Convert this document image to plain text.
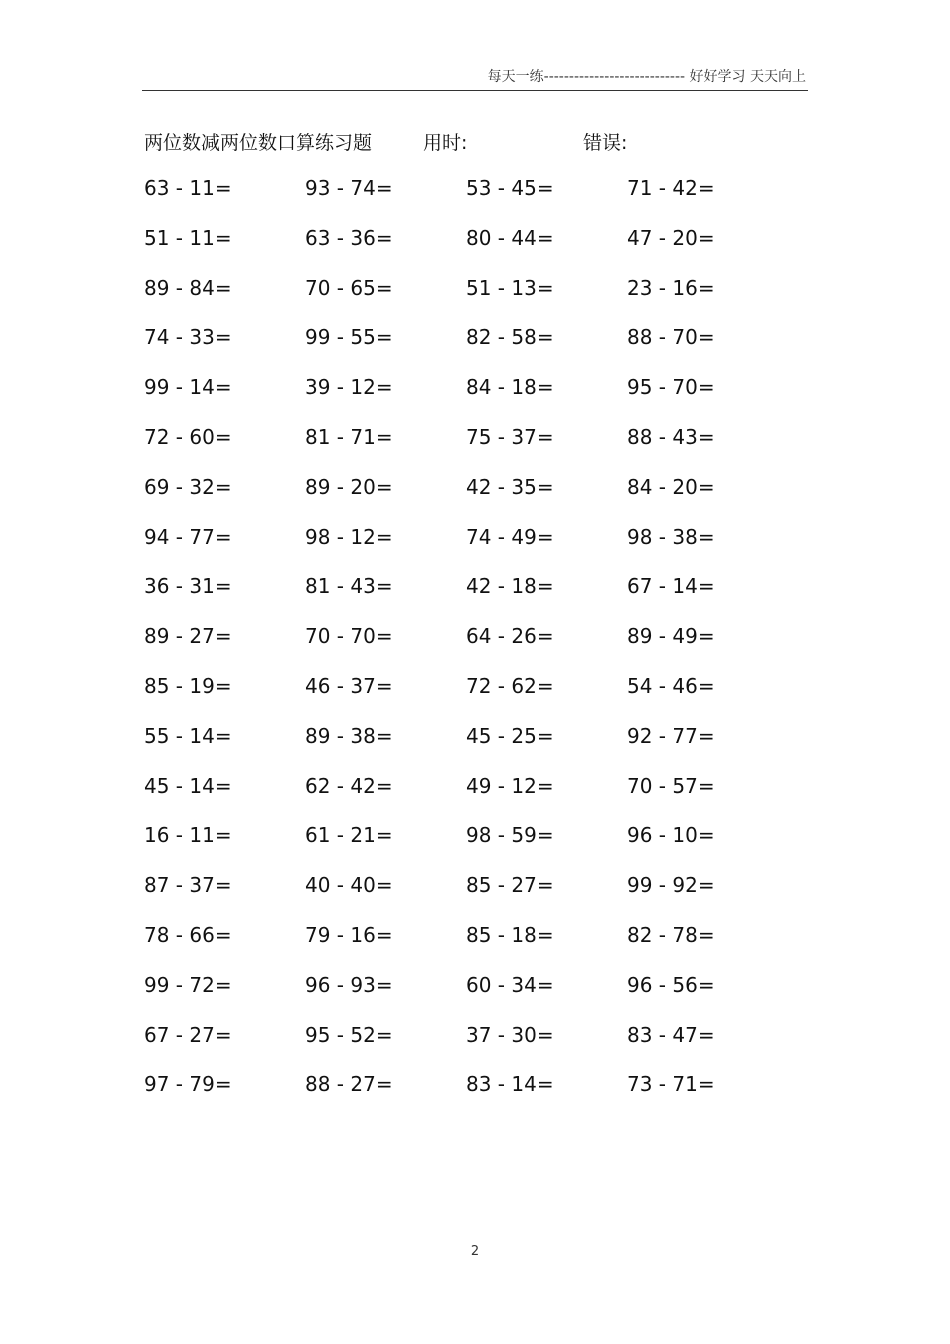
每天一练---------------------------- 好好学习 天天向上
两位数减两位数口算练习题	用时:	错误:
63 - 11=	93 - 74=	53 - 45=	71 - 42=
51 - 11=	63 - 36=	80 - 44=	47 - 20=
89 - 84=	70 - 65=	51 - 13=	23 - 16=
74 - 33=	99 - 55=	82 - 58=	88 - 70=
99 - 14=	39 - 12=	84 - 18=	95 - 70=
72 - 60=	81 - 71=	75 - 37=	88 - 43=
69 - 32=	89 - 20=	42 - 35=	84 - 20=
94 - 77=	98 - 12=	74 - 49=	98 - 38=
36 - 31=	81 - 43=	42 - 18=	67 - 14=
89 - 27=	70 - 70=	64 - 26=	89 - 49=
85 - 19=	46 - 37=	72 - 62=	54 - 46=
55 - 14=	89 - 38=	45 - 25=	92 - 77=
45 - 14=	62 - 42=	49 - 12=	70 - 57=
16 - 11=	61 - 21=	98 - 59=	96 - 10=
87 - 37=	40 - 40=	85 - 27=	99 - 92=
78 - 66=	79 - 16=	85 - 18=	82 - 78=
99 - 72=	96 - 93=	60 - 34=	96 - 56=
67 - 27=	95 - 52=	37 - 30=	83 - 47=
97 - 79=	88 - 27=	83 - 14=	73 - 71=
2
